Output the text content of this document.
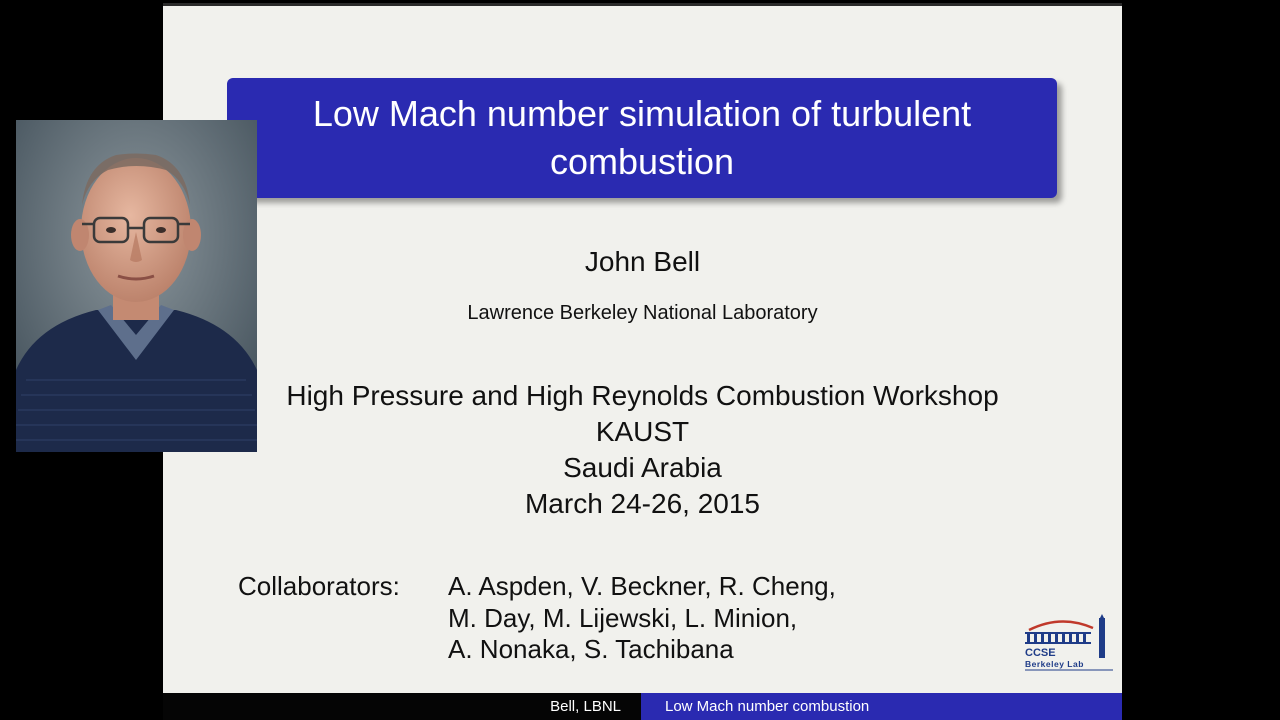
Low Mach number simulation of turbulent combustion
John Bell
Lawrence Berkeley National Laboratory
High Pressure and High Reynolds Combustion Workshop
KAUST
Saudi Arabia
March 24-26, 2015
Collaborators: A. Aspden, V. Beckner, R. Cheng,
M. Day, M. Lijewski, L. Minion,
A. Nonaka, S. Tachibana	CCSE
Berkeley Lab
Bell, LBNL	Low Mach number combustion
